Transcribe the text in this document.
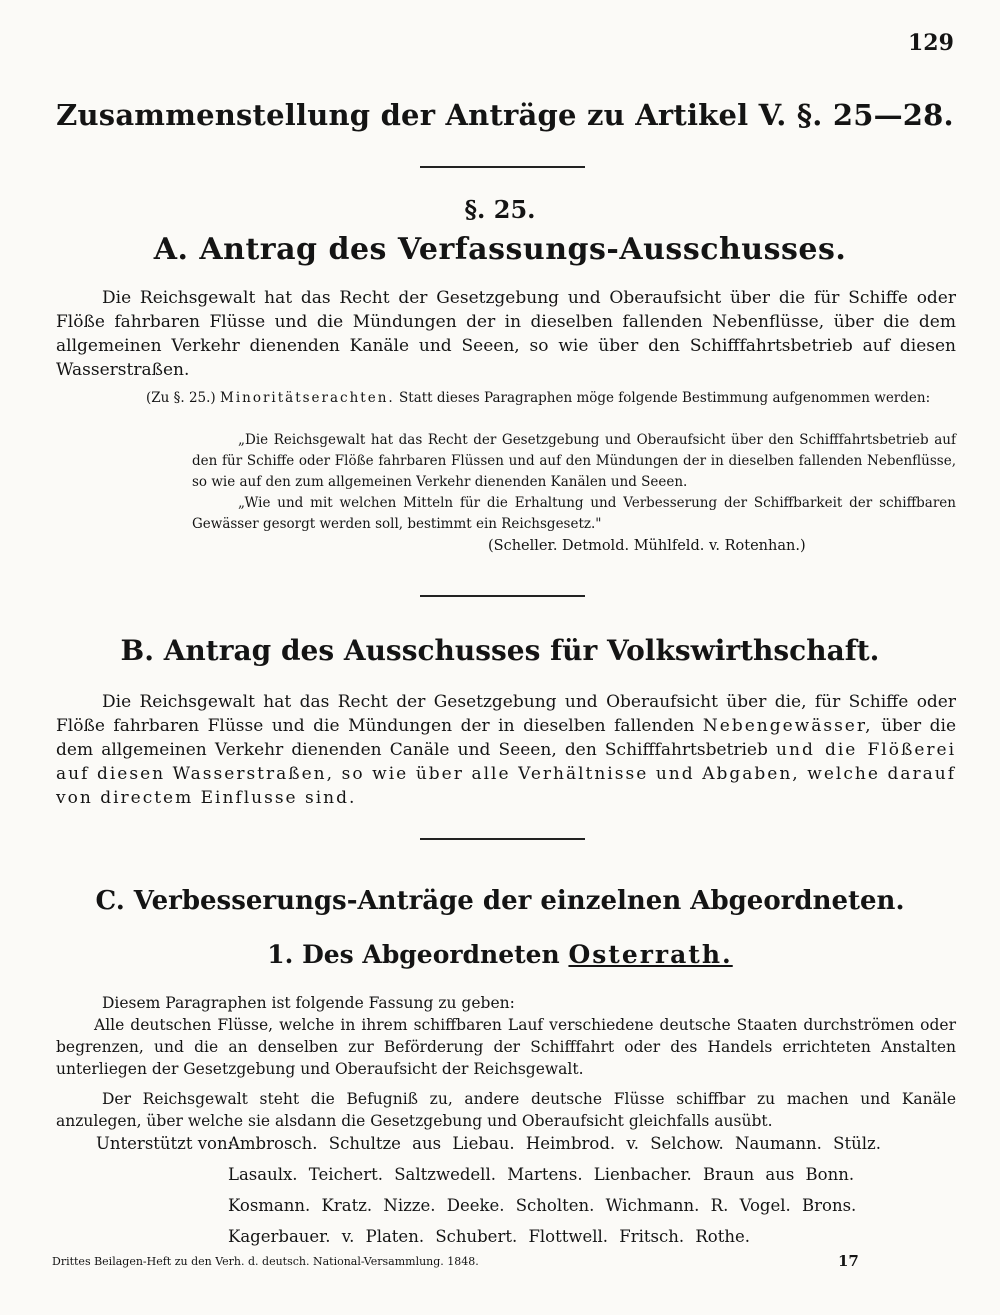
129
Zusammenstellung der Anträge zu Artikel V. §. 25—28.
§. 25.
A. Antrag des Verfassungs-Ausschusses.

Die Reichsgewalt hat das Recht der Gesetzgebung und Oberaufsicht über die für Schiffe oder Flöße fahrbaren Flüsse und die Mündungen der in dieselben fallenden Nebenflüsse, über die dem allgemeinen Verkehr dienenden Kanäle und Seeen, so wie über den Schifffahrtsbetrieb auf diesen Wasserstraßen.

(Zu §. 25.) Minoritätserachten. Statt dieses Paragraphen möge folgende Bestimmung aufgenommen werden:

„Die Reichsgewalt hat das Recht der Gesetzgebung und Oberaufsicht über den Schifffahrtsbetrieb auf den für Schiffe oder Flöße fahrbaren Flüssen und auf den Mündungen der in dieselben fallenden Nebenflüsse, so wie auf den zum allgemeinen Verkehr dienenden Kanälen und Seeen.

„Wie und mit welchen Mitteln für die Erhaltung und Verbesserung der Schiffbarkeit der schiffbaren Gewässer gesorgt werden soll, bestimmt ein Reichsgesetz."

(Scheller. Detmold. Mühlfeld. v. Rotenhan.)
B. Antrag des Ausschusses für Volkswirthschaft.

Die Reichsgewalt hat das Recht der Gesetzgebung und Oberaufsicht über die, für Schiffe oder Flöße fahrbaren Flüsse und die Mündungen der in dieselben fallenden Nebengewässer, über die dem allgemeinen Verkehr dienenden Canäle und Seeen, den Schifffahrtsbetrieb und die Flößerei auf diesen Wasserstraßen, so wie über alle Verhältnisse und Abgaben, welche darauf von directem Einflusse sind.

C. Verbesserungs-Anträge der einzelnen Abgeordneten.
1. Des Abgeordneten Osterrath.

Diesem Paragraphen ist folgende Fassung zu geben:

Alle deutschen Flüsse, welche in ihrem schiffbaren Lauf verschiedene deutsche Staaten durchströmen oder begrenzen, und die an denselben zur Beförderung der Schifffahrt oder des Handels errichteten Anstalten unterliegen der Gesetzgebung und Oberaufsicht der Reichsgewalt.

Der Reichsgewalt steht die Befugniß zu, andere deutsche Flüsse schiffbar zu machen und Kanäle anzulegen, über welche sie alsdann die Gesetzgebung und Oberaufsicht gleichfalls ausübt.

Unterstützt von:
Ambrosch. Schultze aus Liebau. Heimbrod. v. Selchow. Naumann. Stülz.
Lasaulx. Teichert. Saltzwedell. Martens. Lienbacher. Braun aus Bonn.
Kosmann. Kratz. Nizze. Deeke. Scholten. Wichmann. R. Vogel. Brons.
Kagerbauer. v. Platen. Schubert. Flottwell. Fritsch. Rothe.
Drittes Beilagen-Heft zu den Verh. d. deutsch. National-Versammlung. 1848.	17
